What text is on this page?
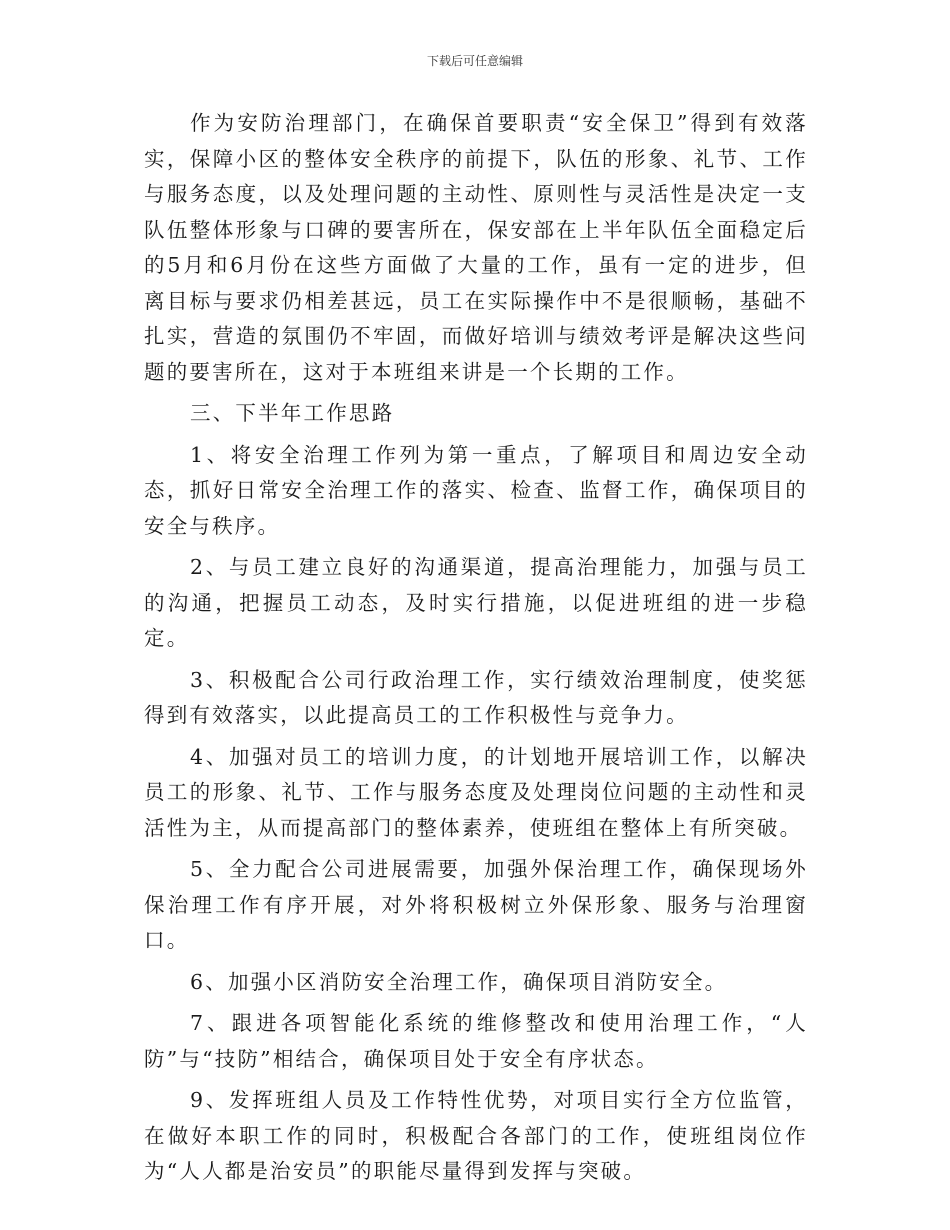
下载后可任意编辑

作为安防治理部门，在确保首要职责“安全保卫”得到有效落实，保障小区的整体安全秩序的前提下，队伍的形象、礼节、工作与服务态度，以及处理问题的主动性、原则性与灵活性是决定一支队伍整体形象与口碑的要害所在，保安部在上半年队伍全面稳定后的5月和6月份在这些方面做了大量的工作，虽有一定的进步，但离目标与要求仍相差甚远，员工在实际操作中不是很顺畅，基础不扎实，营造的氛围仍不牢固，而做好培训与绩效考评是解决这些问题的要害所在，这对于本班组来讲是一个长期的工作。

三、下半年工作思路

1、将安全治理工作列为第一重点，了解项目和周边安全动态，抓好日常安全治理工作的落实、检查、监督工作，确保项目的安全与秩序。

2、与员工建立良好的沟通渠道，提高治理能力，加强与员工的沟通，把握员工动态，及时实行措施，以促进班组的进一步稳定。

3、积极配合公司行政治理工作，实行绩效治理制度，使奖惩得到有效落实，以此提高员工的工作积极性与竞争力。

4、加强对员工的培训力度，的计划地开展培训工作，以解决员工的形象、礼节、工作与服务态度及处理岗位问题的主动性和灵活性为主，从而提高部门的整体素养，使班组在整体上有所突破。

5、全力配合公司进展需要，加强外保治理工作，确保现场外保治理工作有序开展，对外将积极树立外保形象、服务与治理窗口。

6、加强小区消防安全治理工作，确保项目消防安全。

7、跟进各项智能化系统的维修整改和使用治理工作，“人防”与“技防”相结合，确保项目处于安全有序状态。

9、发挥班组人员及工作特性优势，对项目实行全方位监管，在做好本职工作的同时，积极配合各部门的工作，使班组岗位作为“人人都是治安员”的职能尽量得到发挥与突破。
